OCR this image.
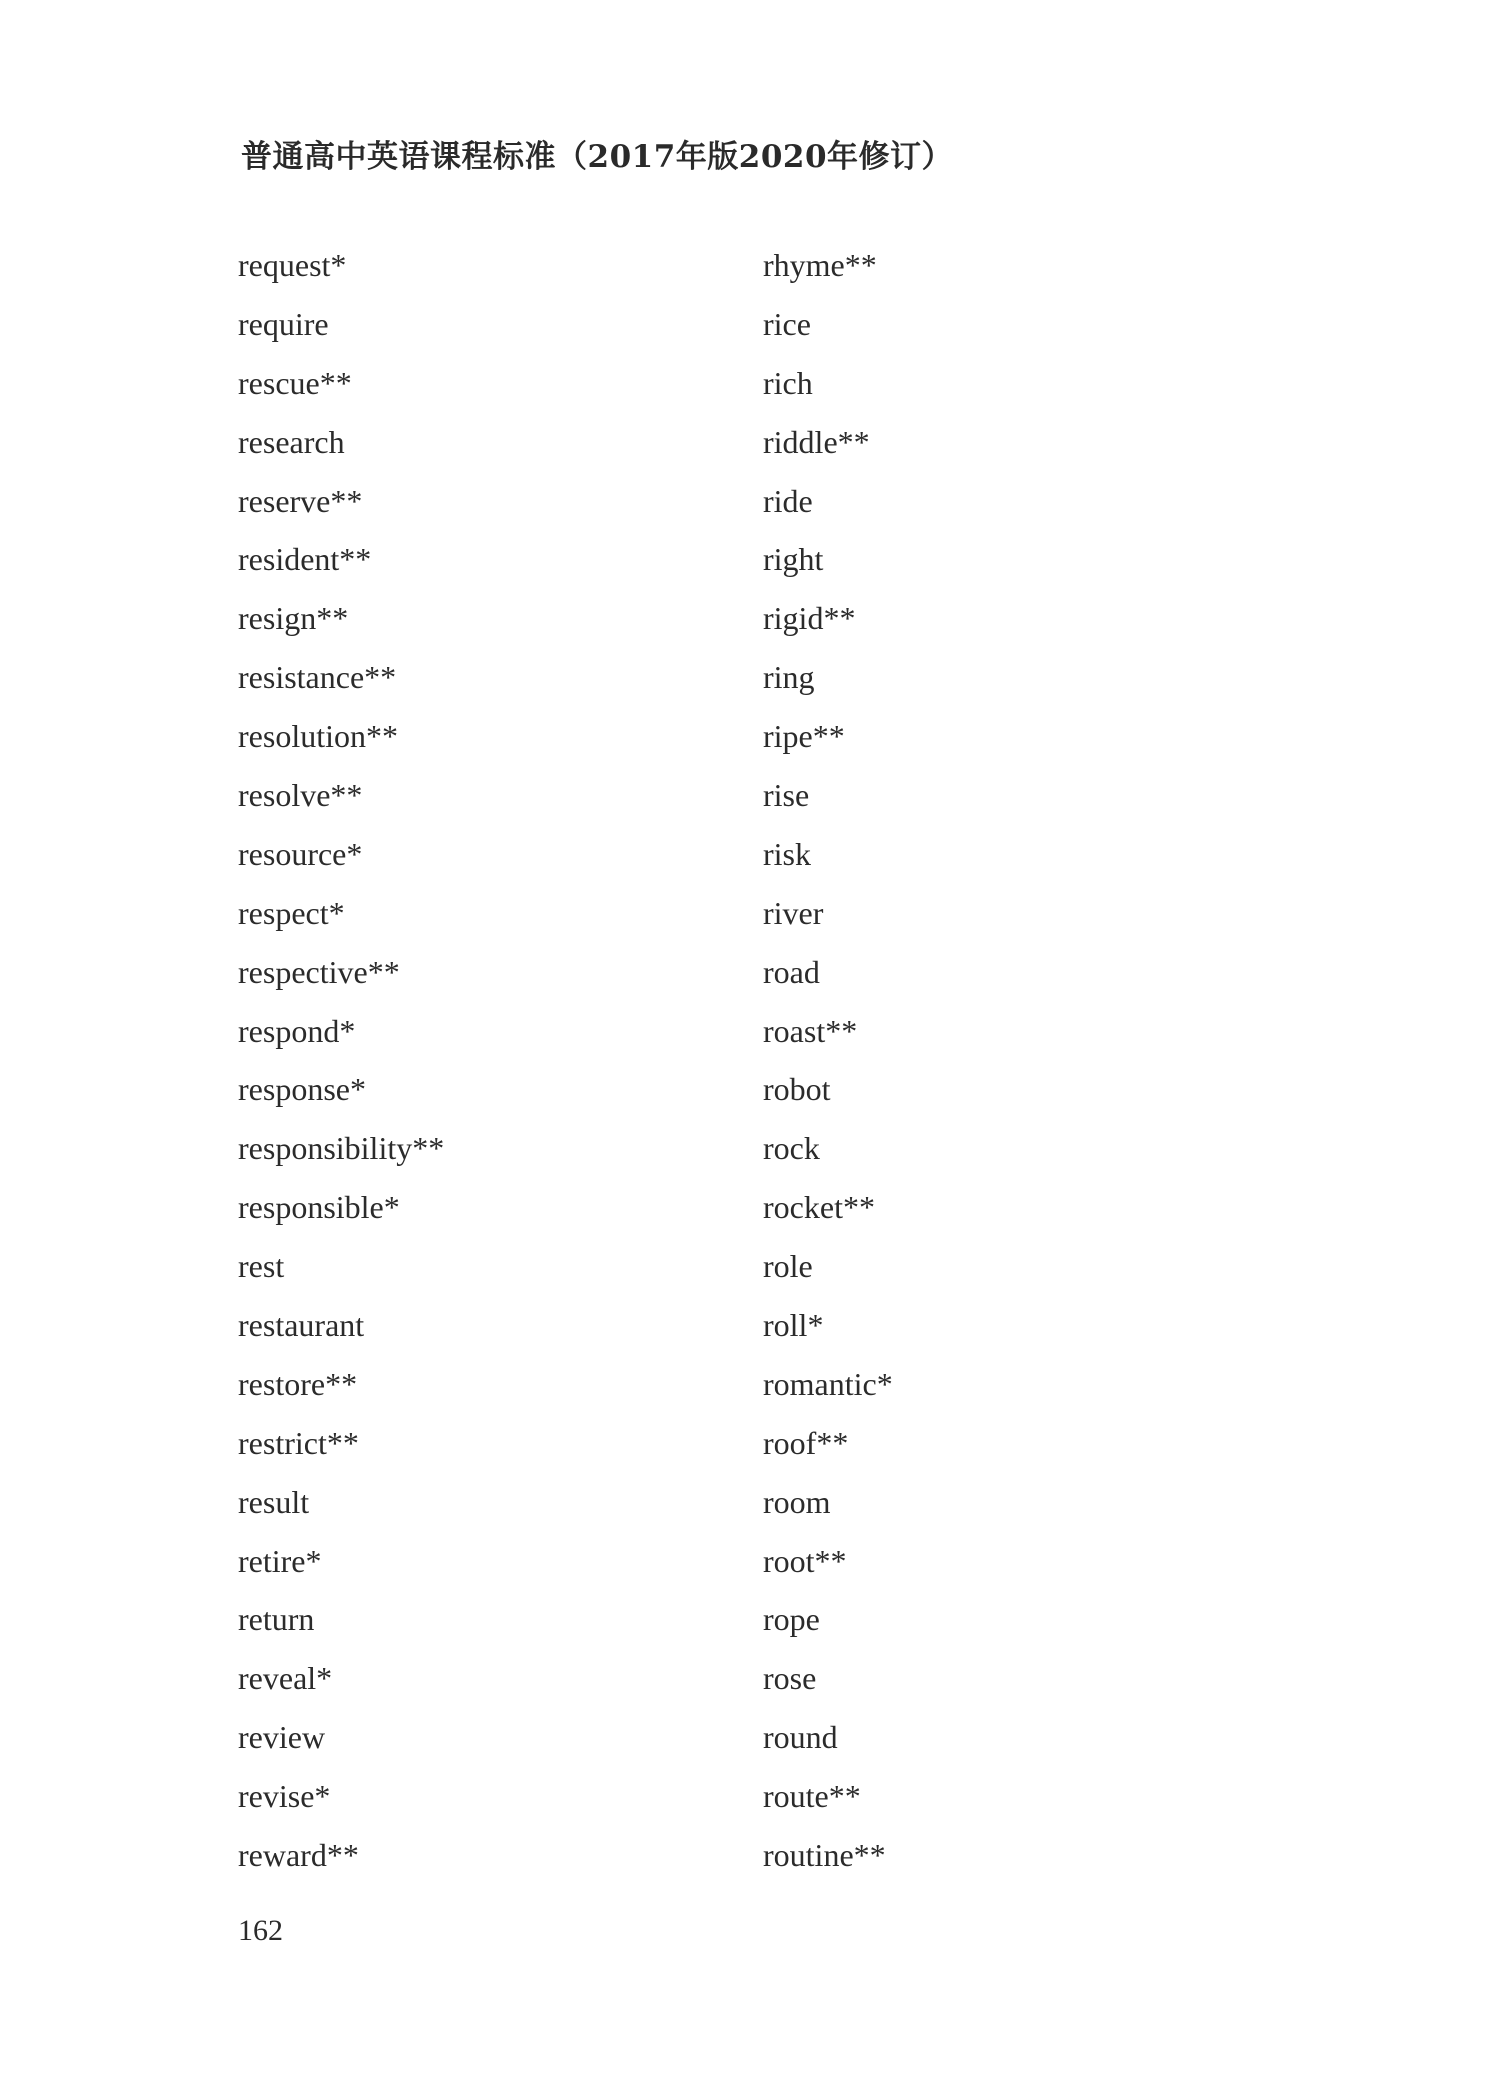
普通高中英语课程标准（2017年版2020年修订）
request*
require
rescue**
research
reserve**
resident**
resign**
resistance**
resolution**
resolve**
resource*
respect*
respective**
respond*
response*
responsibility**
responsible*
rest
restaurant
restore**
restrict**
result
retire*
return
reveal*
review
revise*
reward**
rhyme**
rice
rich
riddle**
ride
right
rigid**
ring
ripe**
rise
risk
river
road
roast**
robot
rock
rocket**
role
roll*
romantic*
roof**
room
root**
rope
rose
round
route**
routine**
162
